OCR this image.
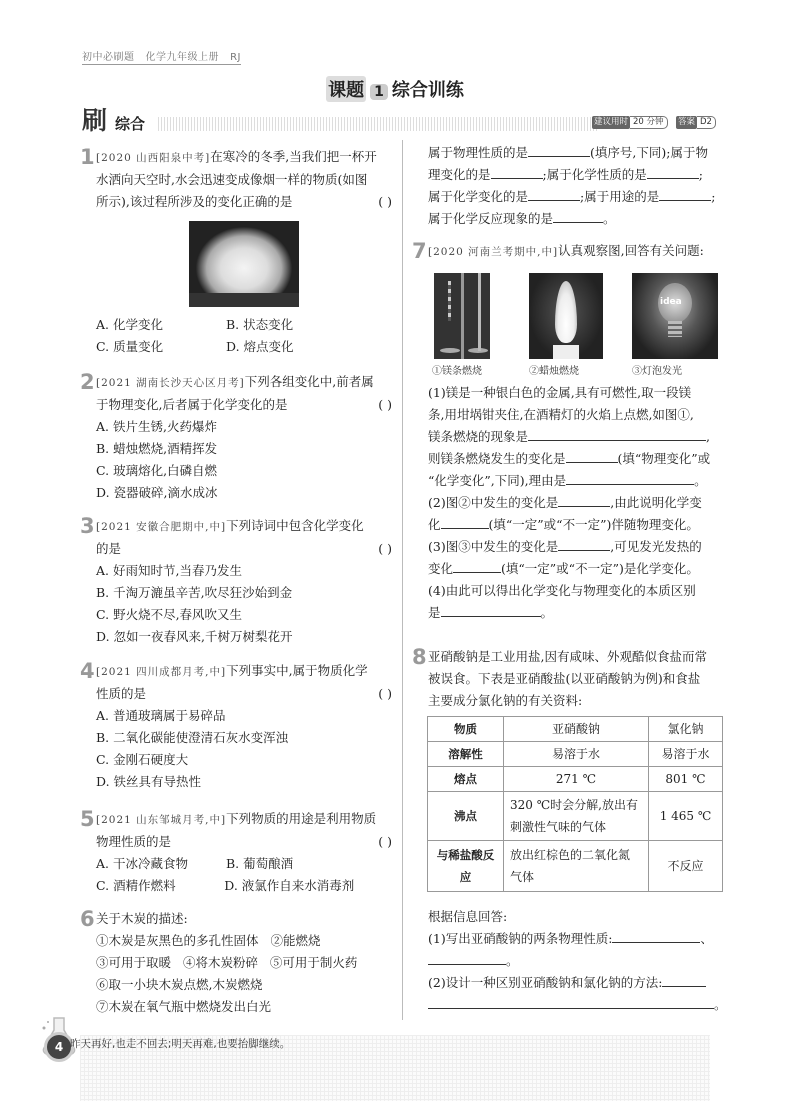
初中必刷题   化学九年级上册   RJ
课题 1 综合训练
刷 综合	建议用时 20 分钟	答案 D2
1 [2020 山西阳泉中考]在寒冷的冬季,当我们把一杯开
水洒向天空时,水会迅速变成像烟一样的物质(如图
所示),该过程所涉及的变化正确的是	( )
A. 化学变化	B. 状态变化
C. 质量变化	D. 熔点变化
2 [2021 湖南长沙天心区月考]下列各组变化中,前者属
于物理变化,后者属于化学变化的是	( )
A. 铁片生锈,火药爆炸
B. 蜡烛燃烧,酒精挥发
C. 玻璃熔化,白磷自燃
D. 瓷器破碎,滴水成冰
3 [2021 安徽合肥期中,中]下列诗词中包含化学变化
的是	( )
A. 好雨知时节,当春乃发生
B. 千淘万漉虽辛苦,吹尽狂沙始到金
C. 野火烧不尽,春风吹又生
D. 忽如一夜春风来,千树万树梨花开
4 [2021 四川成都月考,中]下列事实中,属于物质化学
性质的是	( )
A. 普通玻璃属于易碎品
B. 二氧化碳能使澄清石灰水变浑浊
C. 金刚石硬度大
D. 铁丝具有导热性
5 [2021 山东邹城月考,中]下列物质的用途是利用物质
物理性质的是	( )
A. 干冰冷藏食物	B. 葡萄酿酒
C. 酒精作燃料	D. 液氯作自来水消毒剂
6 关于木炭的描述:
①木炭是灰黑色的多孔性固体 ②能燃烧
③可用于取暖 ④将木炭粉碎 ⑤可用于制火药
⑥取一小块木炭点燃,木炭燃烧
⑦木炭在氧气瓶中燃烧发出白光
属于物理性质的是	(填序号,下同);属于物
理变化的是	;属于化学性质的是	;
属于化学变化的是	;属于用途的是	;
属于化学反应现象的是	。
7 [2020 河南兰考期中,中]认真观察图,回答有关问题:
idea
①镁条燃烧	②蜡烛燃烧	③灯泡发光
(1)镁是一种银白色的金属,具有可燃性,取一段镁
条,用坩埚钳夹住,在酒精灯的火焰上点燃,如图①,
镁条燃烧的现象是	,
则镁条燃烧发生的变化是	(填“物理变化”或
“化学变化”,下同),理由是	。
(2)图②中发生的变化是	,由此说明化学变
化	(填“一定”或“不一定”)伴随物理变化。
(3)图③中发生的变化是	,可见发光发热的
变化	(填“一定”或“不一定”)是化学变化。
(4)由此可以得出化学变化与物理变化的本质区别
是	。
8 亚硝酸钠是工业用盐,因有咸味、外观酷似食盐而常
被误食。下表是亚硝酸盐(以亚硝酸钠为例)和食盐
主要成分氯化钠的有关资料:
物质	亚硝酸钠	氯化钠
溶解性	易溶于水	易溶于水
熔点	271 ℃	801 ℃
沸点	320 ℃时会分解,放出有刺激性气味的气体	1 465 ℃
与稀盐酸反应	放出红棕色的二氧化氮气体	不反应
根据信息回答:
(1)写出亚硝酸钠的两条物理性质:	、
。
(2)设计一种区别亚硝酸钠和氯化钠的方法:
。
4 昨天再好,也走不回去;明天再难,也要抬脚继续。
